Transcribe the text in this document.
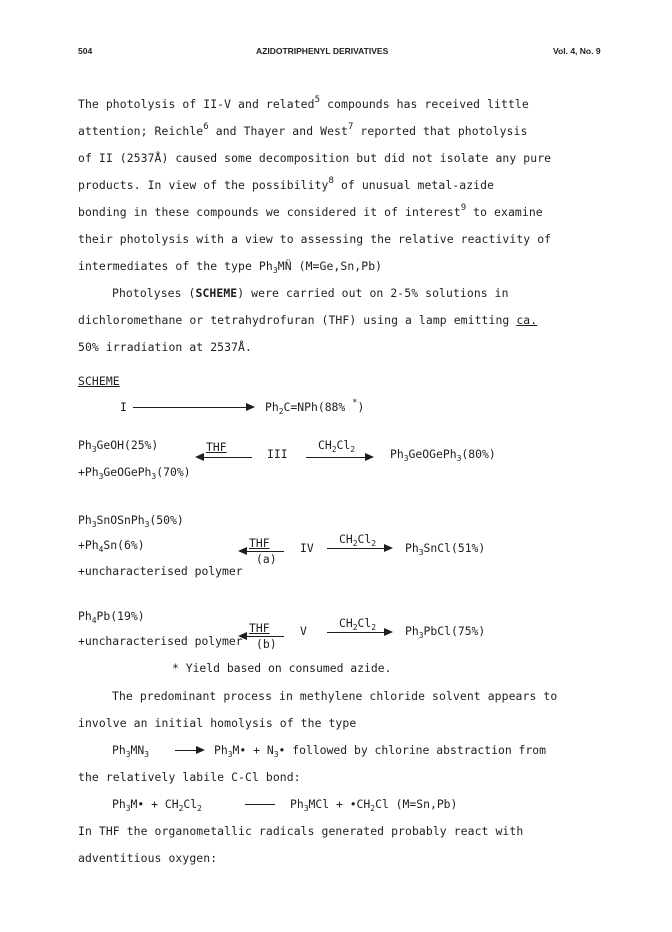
504	AZIDOTRIPHENYL DERIVATIVES	Vol. 4, No. 9
The photolysis of II-V and related$^5$ compounds has received little
attention; Reichle$^6$ and Thayer and West$^7$ reported that photolysis
of II (2537Å) caused some decomposition but did not isolate any pure
products. In view of the possibility$^8$ of unusual metal-azide
bonding in these compounds we considered it of interest$^9$ to examine
their photolysis with a view to assessing the relative reactivity of
intermediates of the type $Ph_3MN̈$ (M=Ge,Sn,Pb)
Photolyses (SCHEME) were carried out on 2-5% solutions in
dichloromethane or tetrahydrofuran (THF) using a lamp emitting ca.
50% irradiation at 2537Å.
SCHEME
I	$Ph_2C=NPh(88\%$ *)
$Ph_3GeOH(25\%)$
$+Ph_3GeOGePh_3(70\%)$
THF	III
$CH_2Cl_2$	$Ph_3GeOGePh_3(80\%)$
$Ph_3SnOSnPh_3(50\%)$
$+Ph_4Sn(6\%)$
+uncharacterised polymer
THF
(a)
IV
$CH_2Cl_2$	$Ph_3SnCl(51\%)$
$Ph_4Pb(19\%)$
+uncharacterised polymer
THF
(b)
V
$CH_2Cl_2$	$Ph_3PbCl(75\%)$
* Yield based on consumed azide.
The predominant process in methylene chloride solvent appears to
involve an initial homolysis of the type
$Ph_3MN_3$	$Ph_3M•$ + $N_3•$ followed by chlorine abstraction from
the relatively labile C-Cl bond:
$Ph_3M• + CH_2Cl_2$	$Ph_3MCl$ + $•CH_2Cl$ (M=Sn,Pb)
In THF the organometallic radicals generated probably react with
adventitious oxygen:
